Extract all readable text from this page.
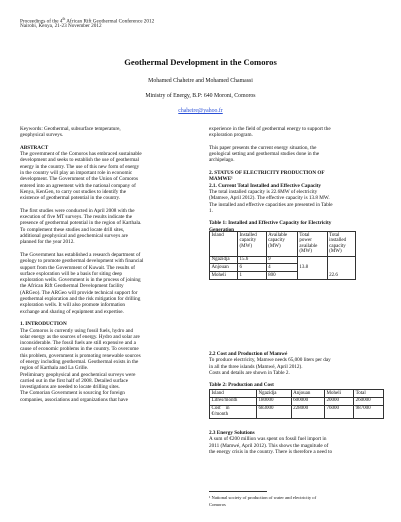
Proceedings of the 4th African Rift Geothermal Conference 2012
Nairobi, Kenya, 21-23 November 2012
Geothermal Development in the Comoros
Mohamed Chaheire and Mohamed Chamassi
Ministry of Energy, B.P: 640 Moroni, Comoros
chaheire@yahoo.fr
Keywords: Geothermal, subsurface temperature,
geophysical surveys.
ABSTRACT
The government of the Comoros has embraced sustainable
development and seeks to establish the use of geothermal
energy in the country. The use of this new form of energy
in the country will play an important role in economic
development. The Government of the Union of Comoros
entered into an agreement with the national company of
Kenya, KenGen, to carry out studies to identify the
existence of geothermal potential in the country.
The first studies were conducted in April 2008 with the
execution of five MT surveys. The results indicate the
presence of geothermal potential in the region of Karthala.
To complement these studies and locate drill sites,
additional geophysical and geochemical surveys are
planned for the year 2012.
The Government has established a research department of
geology to promote geothermal development with financial
support from the Government of Kuwait. The results of
surface exploration will be a basis for siting deep
exploration wells. Government is in the process of joining
the African Rift Geothermal Development facility
(ARGeo). The ARGeo will provide technical support for
geothermal exploration and the risk mitigation for drilling
exploration wells. It will also promote information
exchange and sharing of equipment and expertise.
1. INTRODUCTION
The Comoros is currently using fossil fuels, hydro and
solar energy as the sources of energy. Hydro and solar are
inconsiderable. The fossil fuels are still expensive and a
cause of economic problems in the country. To overcome
this problem, government is promoting renewable sources
of energy including geothermal. Geothermal exists in the
region of Karthala and La Grille.
Preliminary geophysical and geochemical surveys were
carried out in the first half of 2008. Detailed surface
investigations are needed to locate drilling sites.
The Comorian Government is sourcing for foreign
companies, associations and organizations that have
experience in the field of geothermal energy to support the
exploration program.
This paper presents the current energy situation, the
geological setting and geothermal studies done in the
archipelago.
2. STATUS OF ELECTRICITY PRODUCTION OF
MAMWE¹
2.1. Current Total Installed and Effective Capacity
The total installed capacity is 22.6MW of electricity
(Mamwe, April 2012). The effective capacity is 13.8 MW.
The installed and effective capacities are presented in Table
1.
Table 1: Installed and Effective Capacity for Electricity
Generation
Island	Installed
capacity
(MW)	Available
capacity
(MW)	Total
power
available
(MW)	Total
installed
capacity
(MW)
Ngazidja	15.6	9	13.8	22.6
Anjouan	6	4		
Moheli	1	800		
2.2 Cost and Production of Mamwé
To produce electricity, Mamwe needs 65,000 liters per day
in all the three islands (Mamwé, April 2012).
Costs and details are shown in Table 2.
Table 2: Production and Cost
Island	Ngazidja	Anjouan	Moheli	Total
Litres/month	180000	600000	20000	260000
Cost in
€/month	683000	228000	76000	987000
2.3 Energy Solutions
A sum of €200 million was spent on fossil fuel import in
2011 (Mamwé, April 2012). This shows the magnitude of
the energy crisis in the country. There is therefore a need to
¹ National society of production of water and electricity of
Comoros
